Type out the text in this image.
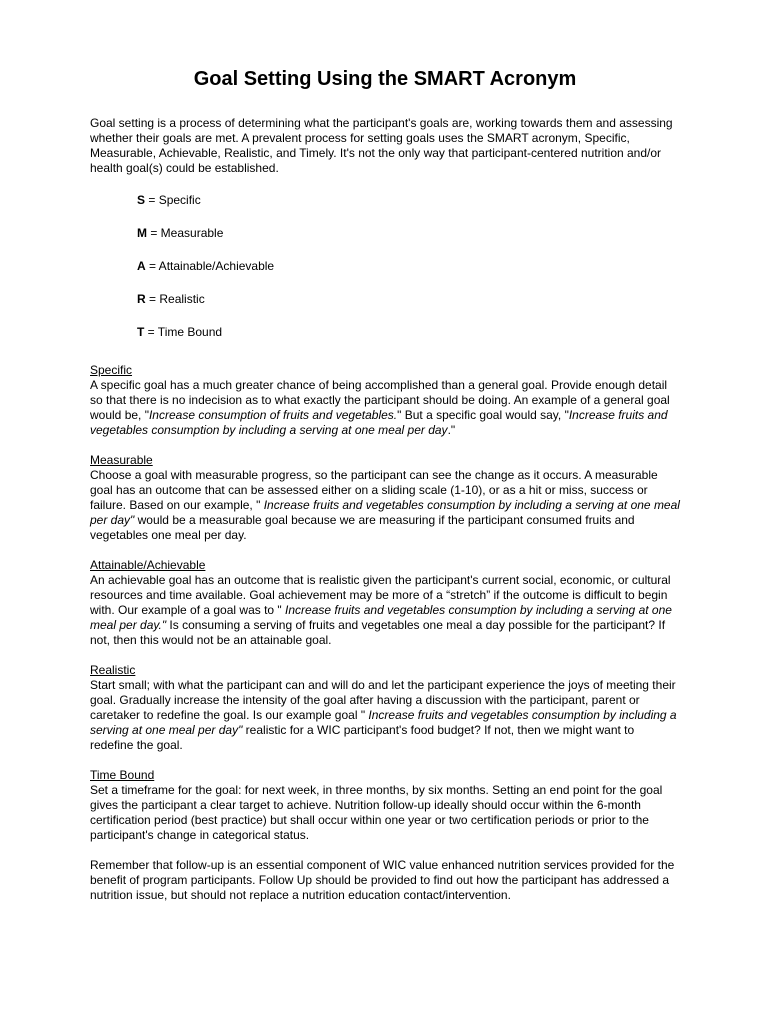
Goal Setting Using the SMART Acronym

Goal setting is a process of determining what the participant's goals are, working towards them and assessing whether their goals are met. A prevalent process for setting goals uses the SMART acronym, Specific, Measurable, Achievable, Realistic, and Timely. It's not the only way that participant-centered nutrition and/or health goal(s) could be established.

S = Specific
M = Measurable
A = Attainable/Achievable
R = Realistic
T = Time Bound

Specific

A specific goal has a much greater chance of being accomplished than a general goal. Provide enough detail so that there is no indecision as to what exactly the participant should be doing. An example of a general goal would be, "Increase consumption of fruits and vegetables." But a specific goal would say, "Increase fruits and vegetables consumption by including a serving at one meal per day."

Measurable

Choose a goal with measurable progress, so the participant can see the change as it occurs. A measurable goal has an outcome that can be assessed either on a sliding scale (1-10), or as a hit or miss, success or failure. Based on our example, " Increase fruits and vegetables consumption by including a serving at one meal per day" would be a measurable goal because we are measuring if the participant consumed fruits and vegetables one meal per day.

Attainable/Achievable

An achievable goal has an outcome that is realistic given the participant's current social, economic, or cultural resources and time available. Goal achievement may be more of a “stretch” if the outcome is difficult to begin with. Our example of a goal was to " Increase fruits and vegetables consumption by including a serving at one meal per day." Is consuming a serving of fruits and vegetables one meal a day possible for the participant? If not, then this would not be an attainable goal.

Realistic

Start small; with what the participant can and will do and let the participant experience the joys of meeting their goal. Gradually increase the intensity of the goal after having a discussion with the participant, parent or caretaker to redefine the goal. Is our example goal " Increase fruits and vegetables consumption by including a serving at one meal per day" realistic for a WIC participant's food budget? If not, then we might want to redefine the goal.

Time Bound

Set a timeframe for the goal: for next week, in three months, by six months. Setting an end point for the goal gives the participant a clear target to achieve. Nutrition follow-up ideally should occur within the 6-month certification period (best practice) but shall occur within one year or two certification periods or prior to the participant's change in categorical status.

Remember that follow-up is an essential component of WIC value enhanced nutrition services provided for the benefit of program participants. Follow Up should be provided to find out how the participant has addressed a nutrition issue, but should not replace a nutrition education contact/intervention.
